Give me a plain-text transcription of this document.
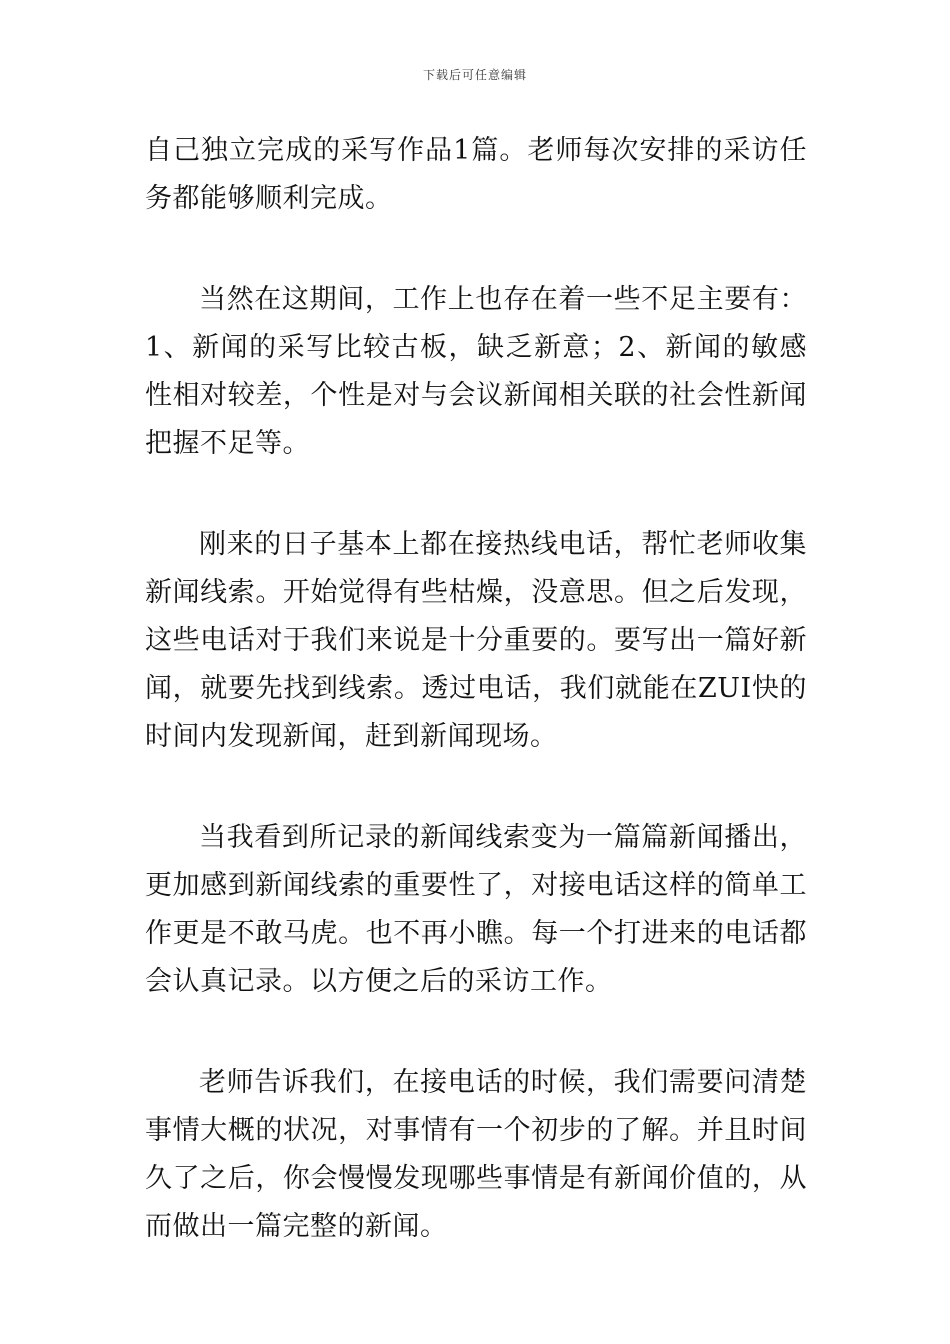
下载后可任意编辑

自己独立完成的采写作品1篇。老师每次安排的采访任务都能够顺利完成。

当然在这期间，工作上也存在着一些不足主要有：1、新闻的采写比较古板，缺乏新意；2、新闻的敏感性相对较差，个性是对与会议新闻相关联的社会性新闻把握不足等。

刚来的日子基本上都在接热线电话，帮忙老师收集新闻线索。开始觉得有些枯燥，没意思。但之后发现，这些电话对于我们来说是十分重要的。要写出一篇好新闻，就要先找到线索。透过电话，我们就能在ZUI快的时间内发现新闻，赶到新闻现场。

当我看到所记录的新闻线索变为一篇篇新闻播出，更加感到新闻线索的重要性了，对接电话这样的简单工作更是不敢马虎。也不再小瞧。每一个打进来的电话都会认真记录。以方便之后的采访工作。

老师告诉我们，在接电话的时候，我们需要问清楚事情大概的状况，对事情有一个初步的了解。并且时间久了之后，你会慢慢发现哪些事情是有新闻价值的，从而做出一篇完整的新闻。
